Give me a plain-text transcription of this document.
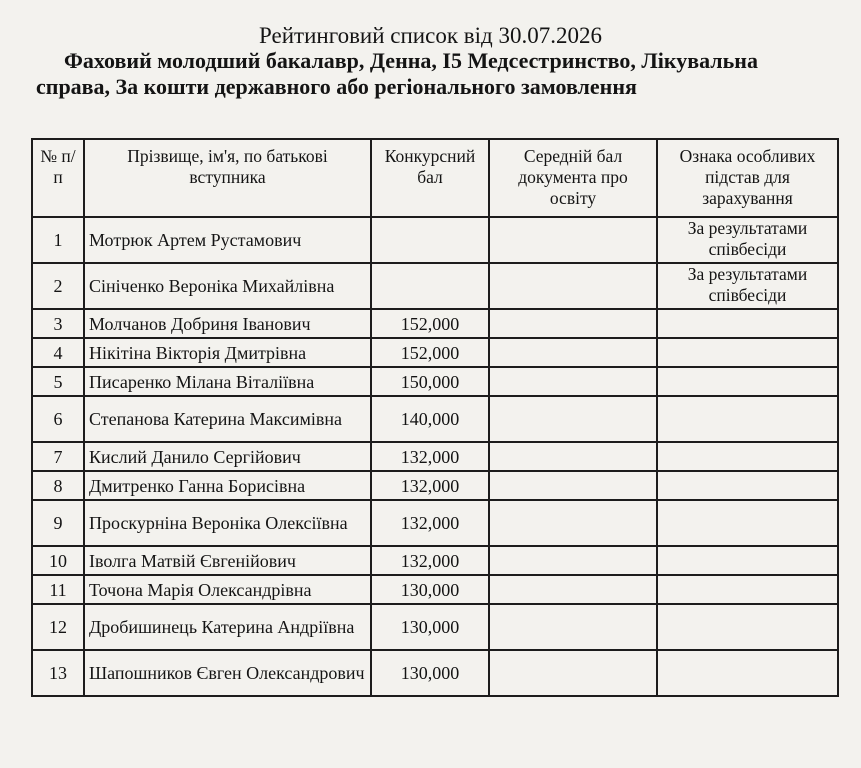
Рейтинговий список від 30.07.2026
Фаховий молодший бакалавр, Денна, І5 Медсестринство, Лікувальна справа, За кошти державного або регіонального замовлення
№ п/п	Прізвище, ім'я, по батькові вступника	Конкурсний бал	Середній бал документа про освіту	Ознака особливих підстав для зарахування
1	Мотрюк Артем Рустамович			За результатами співбесіди
2	Сініченко Вероніка Михайлівна			За результатами співбесіди
3	Молчанов Добриня Іванович	152,000		
4	Нікітіна Вікторія Дмитрівна	152,000		
5	Писаренко Мілана Віталіївна	150,000		
6	Степанова Катерина Максимівна	140,000		
7	Кислий Данило Сергійович	132,000		
8	Дмитренко Ганна Борисівна	132,000		
9	Проскурніна Вероніка Олексіївна	132,000		
10	Іволга Матвій Євгенійович	132,000		
11	Точона Марія Олександрівна	130,000		
12	Дробишинець Катерина Андріївна	130,000		
13	Шапошников Євген Олександрович	130,000		
